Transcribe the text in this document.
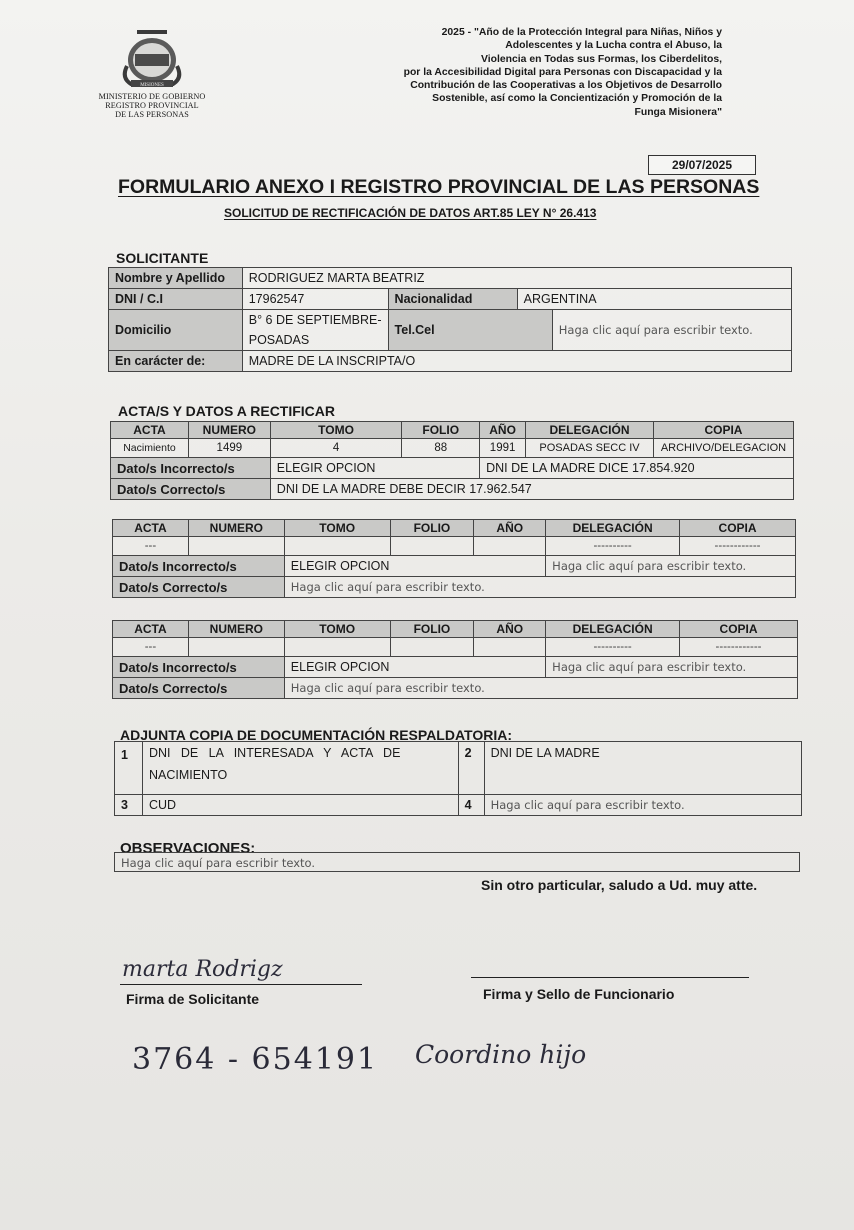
MISIONES
MINISTERIO DE GOBIERNO
REGISTRO PROVINCIAL
DE LAS PERSONAS
2025 - "Año de la Protección Integral para Niñas, Niños y
Adolescentes y la Lucha contra el Abuso, la
Violencia en Todas sus Formas, los Ciberdelitos,
por la Accesibilidad Digital para Personas con Discapacidad y la
Contribución de las Cooperativas a los Objetivos de Desarrollo
Sostenible, así como la Concientización y Promoción de la
Funga Misionera"
29/07/2025
FORMULARIO ANEXO I REGISTRO PROVINCIAL DE LAS PERSONAS
SOLICITUD DE RECTIFICACIÓN DE DATOS ART.85 LEY N° 26.413
SOLICITANTE
Nombre y Apellido	RODRIGUEZ MARTA BEATRIZ			
DNI / C.I	17962547	Nacionalidad	ARGENTINA	
Domicilio	B° 6 DE SEPTIEMBRE-
POSADAS	Tel.Cel		Haga clic aquí para escribir texto.
En carácter de:	MADRE DE LA INSCRIPTA/O			
ACTA/S Y DATOS A RECTIFICAR
ACTA	NUMERO	TOMO	FOLIO	AÑO	DELEGACIÓN	COPIA
Nacimiento	1499	4	88	1991	POSADAS SECC IV	ARCHIVO/DELEGACION
Dato/s Incorrecto/s		ELEGIR OPCION		DNI DE LA MADRE DICE 17.854.920		
Dato/s Correcto/s		DNI DE LA MADRE DEBE DECIR 17.962.547				
ACTA	NUMERO	TOMO	FOLIO	AÑO	DELEGACIÓN	COPIA
---					----------	------------
Dato/s Incorrecto/s		ELEGIR OPCION			Haga clic aquí para escribir texto.	
Dato/s Correcto/s		Haga clic aquí para escribir texto.				
ACTA	NUMERO	TOMO	FOLIO	AÑO	DELEGACIÓN	COPIA
---					----------	------------
Dato/s Incorrecto/s		ELEGIR OPCION			Haga clic aquí para escribir texto.	
Dato/s Correcto/s		Haga clic aquí para escribir texto.				
ADJUNTA COPIA DE DOCUMENTACIÓN RESPALDATORIA:
1	DNI   DE   LA   INTERESADA   Y   ACTA   DE
NACIMIENTO	2	DNI DE LA MADRE
3	CUD	4	Haga clic aquí para escribir texto.
OBSERVACIONES:
Haga clic aquí para escribir texto.
Sin otro particular, saludo a Ud. muy atte.
marta Rodrigz
Firma de Solicitante	Firma y Sello de Funcionario
3764 - 654191 Coordino hijo
